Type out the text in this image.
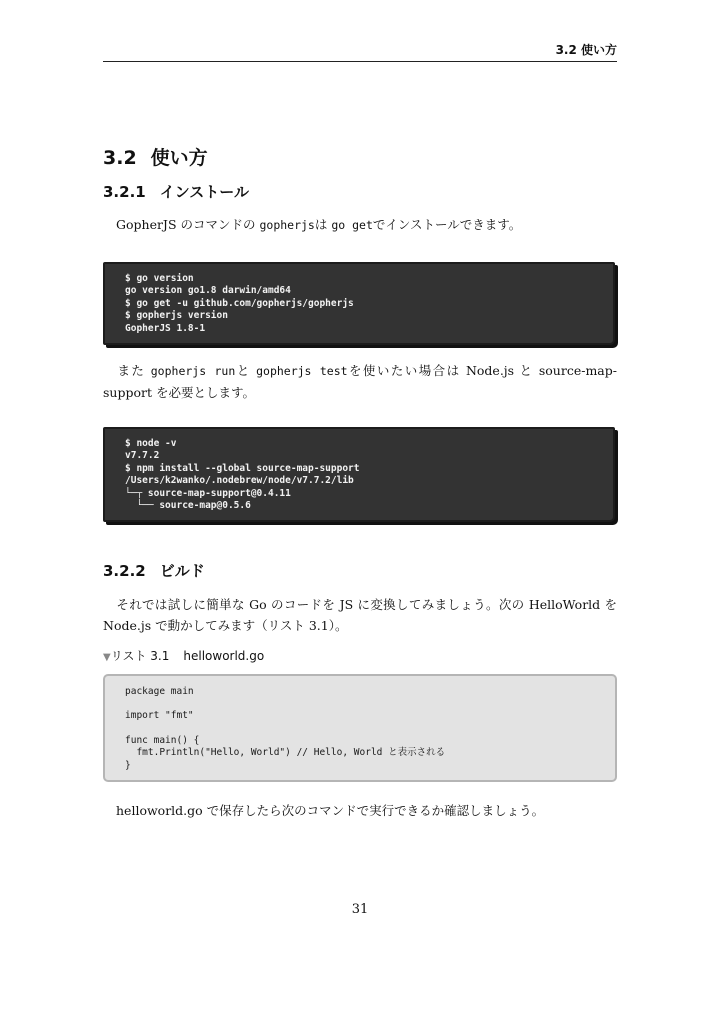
3.2 使い方
3.2 使い方
3.2.1 インストール

GopherJS のコマンドの gopherjsは go getでインストールできます。

$ go version
go version go1.8 darwin/amd64
$ go get -u github.com/gopherjs/gopherjs
$ gopherjs version
GopherJS 1.8-1

また gopherjs runと gopherjs testを使いたい場合は Node.js と source-map-support を必要とします。

$ node -v
v7.7.2
$ npm install --global source-map-support
/Users/k2wanko/.nodebrew/node/v7.7.2/lib
└─┬ source-map-support@0.4.11
└── source-map@0.5.6
3.2.2 ビルド

それでは試しに簡単な Go のコードを JS に変換してみましょう。次の HelloWorld を Node.js で動かしてみます（リスト 3.1）。

▼リスト 3.1 helloworld.go
package main
import "fmt"
func main() {
fmt.Println("Hello, World") // Hello, World と表示される
}

helloworld.go で保存したら次のコマンドで実行できるか確認しましょう。

31
